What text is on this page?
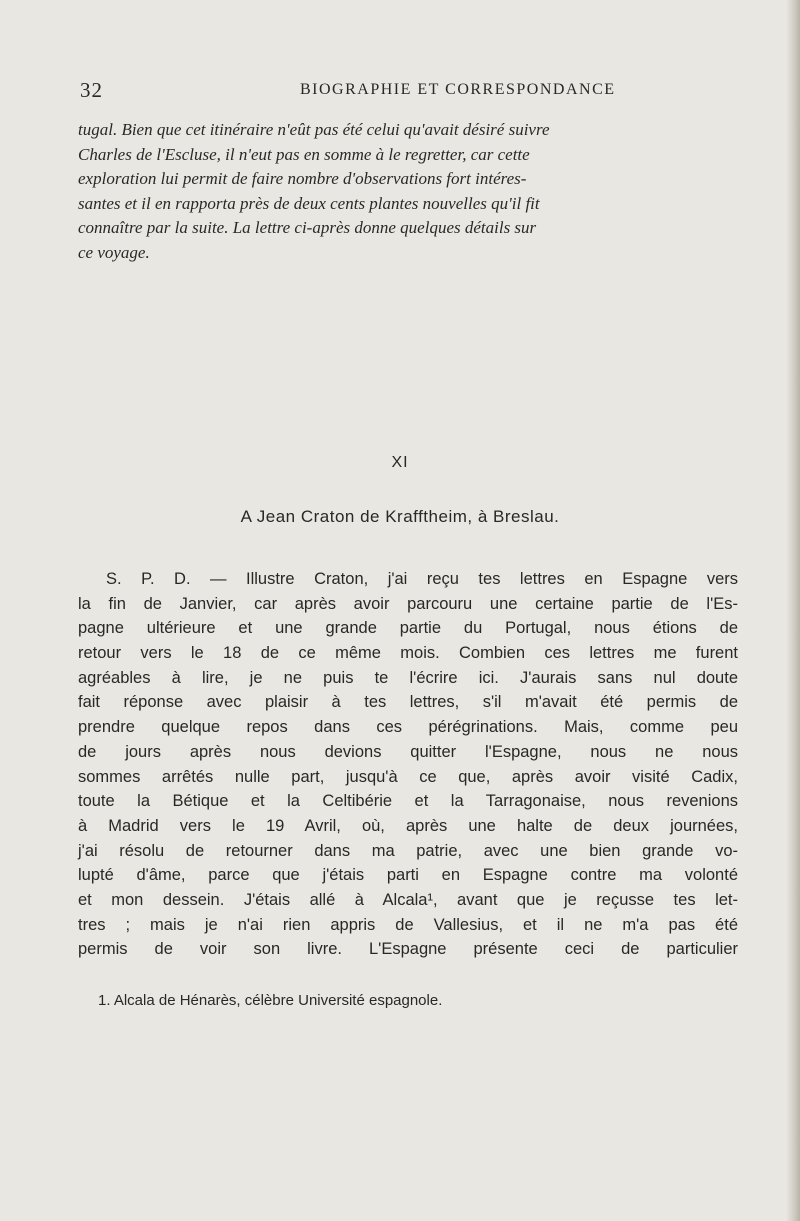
32	BIOGRAPHIE ET CORRESPONDANCE
tugal. Bien que cet itinéraire n'eût pas été celui qu'avait désiré suivre
Charles de l'Escluse, il n'eut pas en somme à le regretter, car cette
exploration lui permit de faire nombre d'observations fort intéres-
santes et il en rapporta près de deux cents plantes nouvelles qu'il fit
connaître par la suite. La lettre ci-après donne quelques détails sur
ce voyage.
XI
A Jean Craton de Krafftheim, à Breslau.
S. P. D. — Illustre Craton, j'ai reçu tes lettres en Espagne vers
la fin de Janvier, car après avoir parcouru une certaine partie de l'Es-
pagne ultérieure et une grande partie du Portugal, nous étions de
retour vers le 18 de ce même mois. Combien ces lettres me furent
agréables à lire, je ne puis te l'écrire ici. J'aurais sans nul doute
fait réponse avec plaisir à tes lettres, s'il m'avait été permis de
prendre quelque repos dans ces pérégrinations. Mais, comme peu
de jours après nous devions quitter l'Espagne, nous ne nous
sommes arrêtés nulle part, jusqu'à ce que, après avoir visité Cadix,
toute la Bétique et la Celtibérie et la Tarragonaise, nous revenions
à Madrid vers le 19 Avril, où, après une halte de deux journées,
j'ai résolu de retourner dans ma patrie, avec une bien grande vo-
lupté d'âme, parce que j'étais parti en Espagne contre ma volonté
et mon dessein. J'étais allé à Alcala¹, avant que je reçusse tes let-
tres ; mais je n'ai rien appris de Vallesius, et il ne m'a pas été
permis de voir son livre. L'Espagne présente ceci de particulier
1. Alcala de Hénarès, célèbre Université espagnole.
